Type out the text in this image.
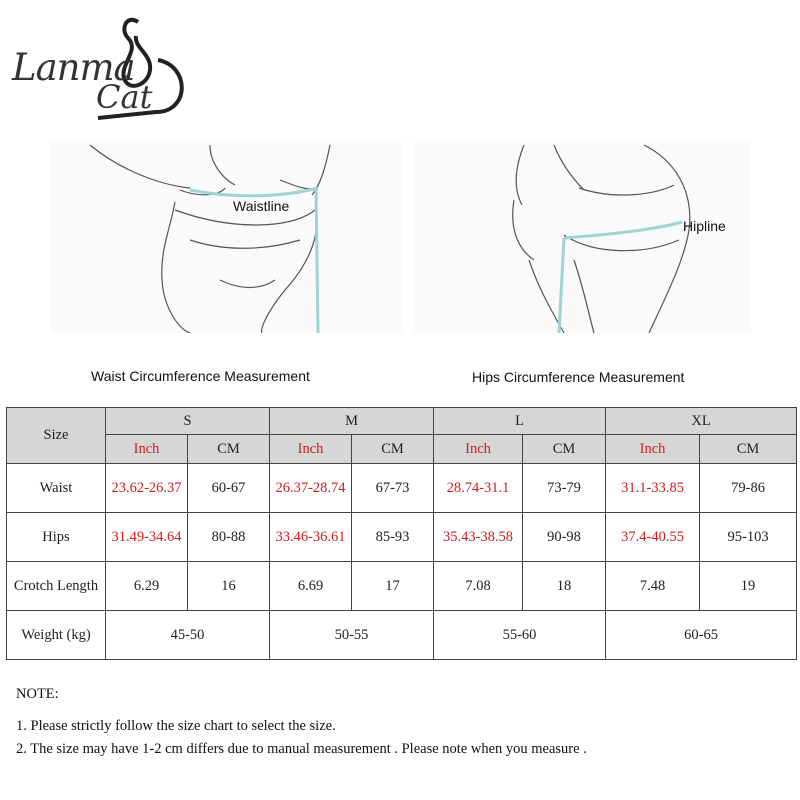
Lanma
Cat
Waistline
Hipline
Waist Circumference Measurement	Hips Circumference Measurement
Size	S		M		L		XL	
	Inch	CM	Inch	CM	Inch	CM	Inch	CM
Waist	23.62-26.37	60-67	26.37-28.74	67-73	28.74-31.1	73-79	31.1-33.85	79-86
Hips	31.49-34.64	80-88	33.46-36.61	85-93	35.43-38.58	90-98	37.4-40.55	95-103
Crotch Length	6.29	16	6.69	17	7.08	18	7.48	19
Weight (kg)	45-50		50-55		55-60		60-65	

NOTE:

1. Please strictly follow the size chart to select the size.

2. The size may have 1-2 cm differs due to manual measurement . Please note when you measure .
